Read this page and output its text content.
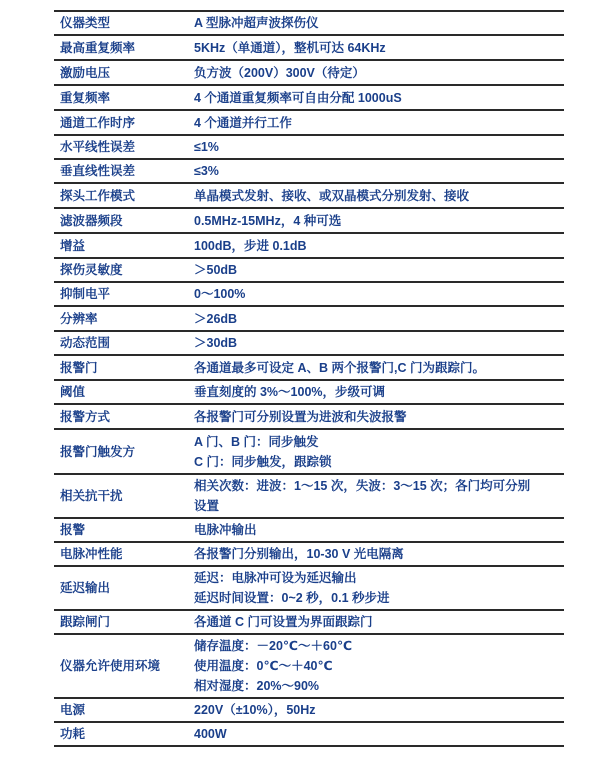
仪器类型	A 型脉冲超声波探伤仪

最高重复频率	5KHz（单通道），整机可达 64KHz

激励电压	负方波（200V）300V（待定）

重复频率	4 个通道重复频率可自由分配 1000uS

通道工作时序	4 个通道并行工作

水平线性误差	≤1%

垂直线性误差	≤3%

探头工作模式	单晶模式发射、接收、或双晶模式分别发射、接收

滤波器频段	0.5MHz-15MHz，4 种可选

增益	100dB，步进 0.1dB

探伤灵敏度	＞50dB

抑制电平	0～100%

分辨率	＞26dB

动态范围	＞30dB

报警门	各通道最多可设定 A、B 两个报警门,C 门为跟踪门。

阈值	垂直刻度的 3%～100%，步级可调

报警方式	各报警门可分别设置为进波和失波报警

报警门触发方	A 门、B 门：同步触发
C 门：同步触发，跟踪锁

相关抗干扰	相关次数：进波：1～15 次，失波：3～15 次；各门均可分别
设置

报警	电脉冲输出

电脉冲性能	各报警门分别输出，10-30 V 光电隔离

延迟输出	延迟：电脉冲可设为延迟输出
延迟时间设置：0~2 秒，0.1 秒步进

跟踪闸门	各通道 C 门可设置为界面跟踪门

仪器允许使用环境	储存温度：－20℃～＋60℃
使用温度：0℃～＋40℃
相对湿度：20%～90%

电源	220V（±10%），50Hz

功耗	400W
